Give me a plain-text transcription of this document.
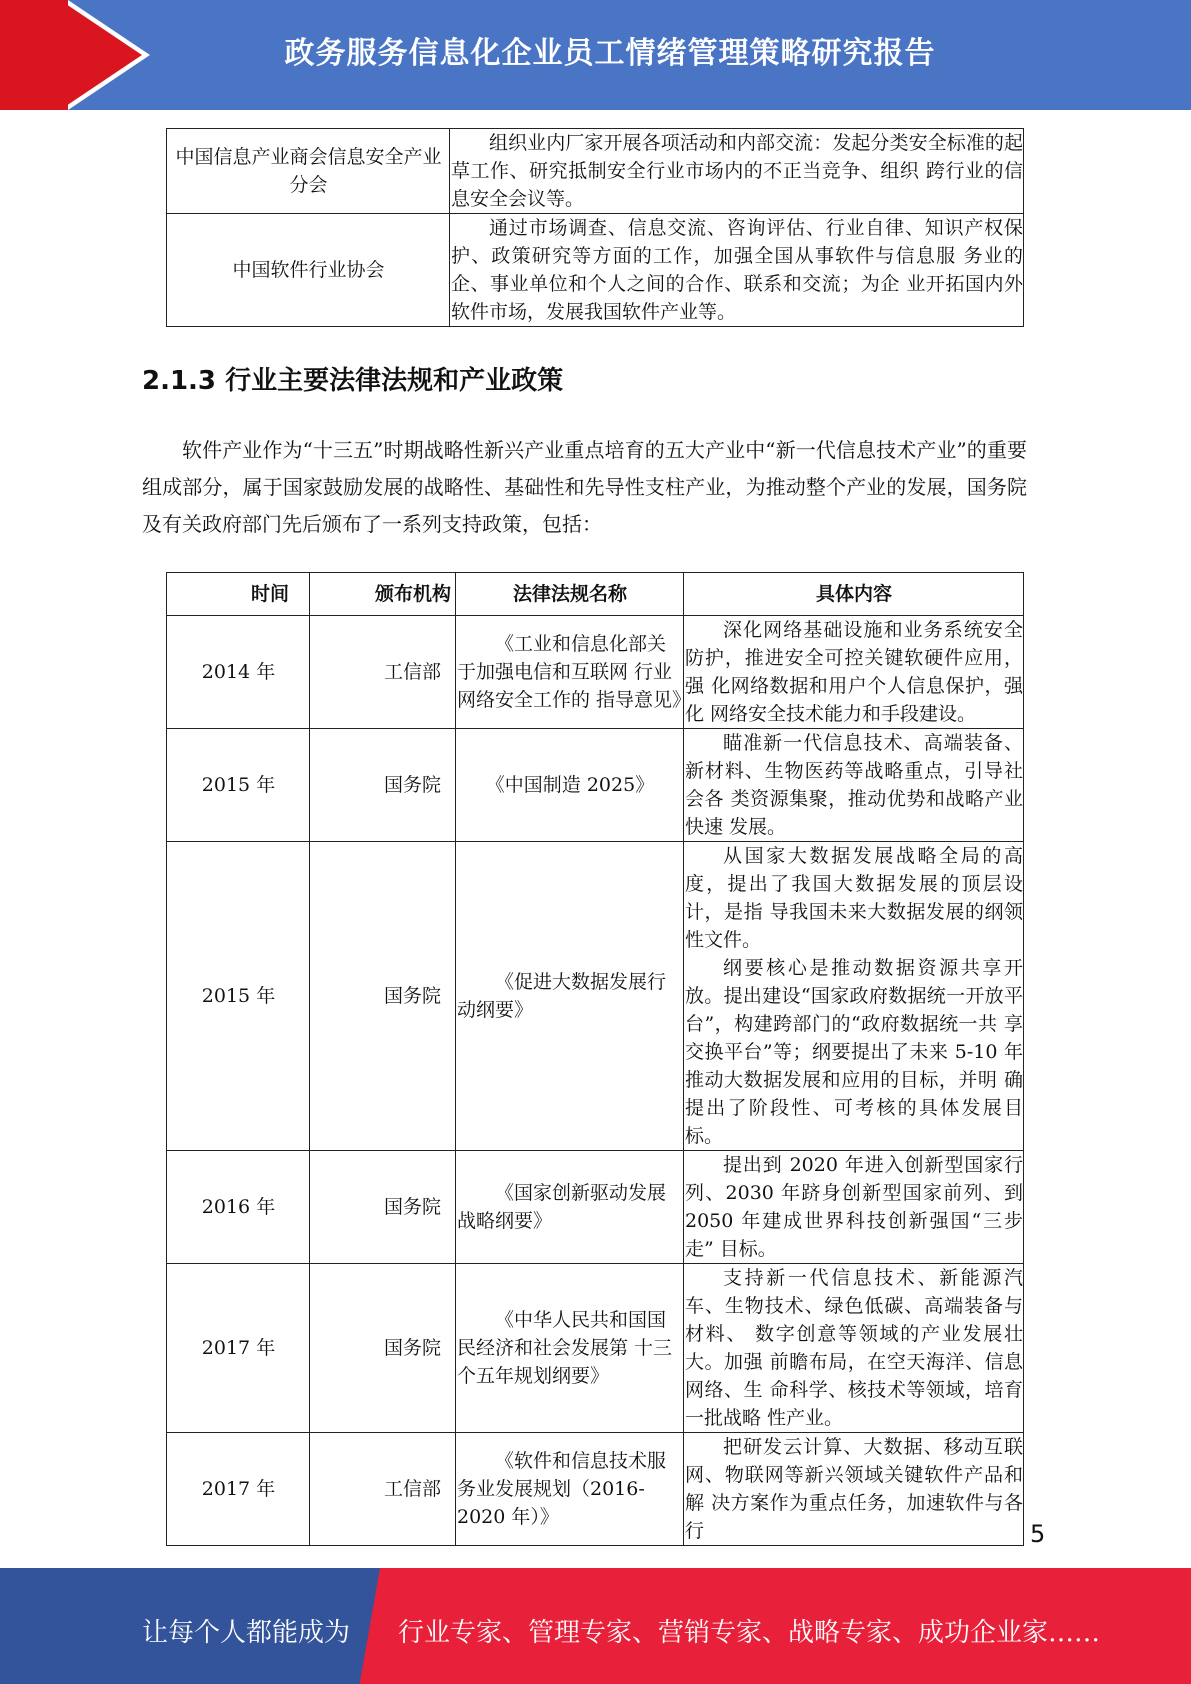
政务服务信息化企业员工情绪管理策略研究报告
中国信息产业商会信息安全产业分会	组织业内厂家开展各项活动和内部交流：发起分类安全标准的起草工作、研究抵制安全行业市场内的不正当竞争、组织 跨行业的信息安全会议等。
中国软件行业协会	通过市场调查、信息交流、咨询评估、行业自律、知识产权保护、政策研究等方面的工作，加强全国从事软件与信息服 务业的企、事业单位和个人之间的合作、联系和交流；为企 业开拓国内外软件市场，发展我国软件产业等。
2.1.3 行业主要法律法规和产业政策
软件产业作为“十三五”时期战略性新兴产业重点培育的五大产业中“新一代信息技术产业”的重要组成部分，属于国家鼓励发展的战略性、基础性和先导性支柱产业，为推动整个产业的发展，国务院及有关政府部门先后颁布了一系列支持政策，包括：
时间	颁布机构	法律法规名称	具体内容
2014 年	工信部	《工业和信息化部关于加强电信和互联网 行业网络安全工作的 指导意见》	深化网络基础设施和业务系统安全防护，推进安全可控关键软硬件应用，强 化网络数据和用户个人信息保护，强化 网络安全技术能力和手段建设。

2015 年	国务院	《中国制造 2025》	瞄准新一代信息技术、高端装备、新材料、生物医药等战略重点，引导社会各 类资源集聚，推动优势和战略产业快速 发展。

2015 年	国务院	《促进大数据发展行动纲要》	从国家大数据发展战略全局的高度，提出了我国大数据发展的顶层设计，是指 导我国未来大数据发展的纲领性文件。
纲要核心是推动数据资源共享开放。提出建设“国家政府数据统一开放平 台”，构建跨部门的“政府数据统一共 享交换平台”等；纲要提出了未来 5-10 年推动大数据发展和应用的目标，并明 确提出了阶段性、可考核的具体发展目 标。

2016 年	国务院	《国家创新驱动发展战略纲要》	提出到 2020 年进入创新型国家行列、2030 年跻身创新型国家前列、到 2050 年建成世界科技创新强国“三步走” 目标。

2017 年	国务院	《中华人民共和国国民经济和社会发展第 十三个五年规划纲要》	支持新一代信息技术、新能源汽车、生物技术、绿色低碳、高端装备与材料、 数字创意等领域的产业发展壮大。加强 前瞻布局，在空天海洋、信息网络、生 命科学、核技术等领域，培育一批战略 性产业。

2017 年	工信部	《软件和信息技术服务业发展规划（2016-2020 年）》	把研发云计算、大数据、移动互联网、物联网等新兴领域关键软件产品和解 决方案作为重点任务，加速软件与各行	5
让每个人都能成为 行业专家、管理专家、营销专家、战略专家、成功企业家……
